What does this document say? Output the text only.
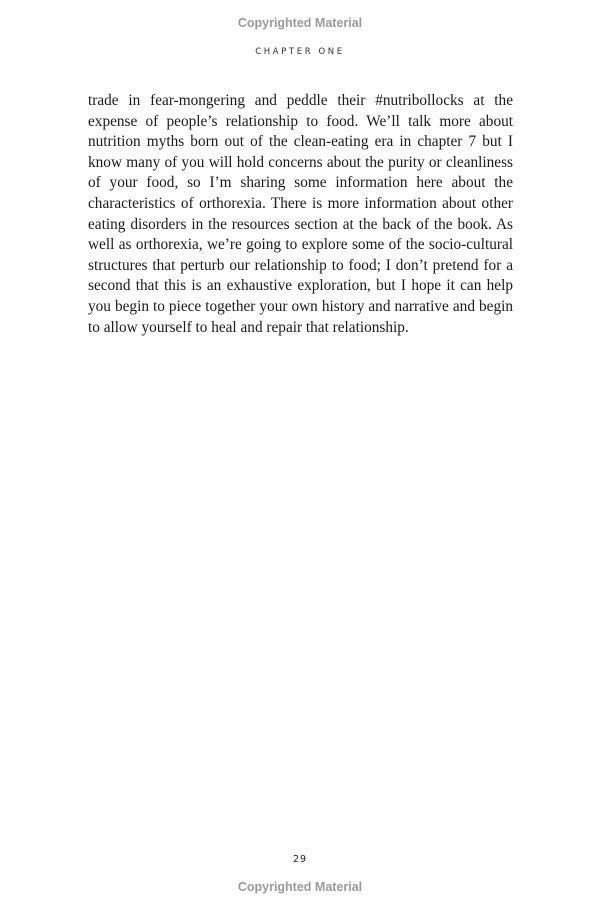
Copyrighted Material
CHAPTER ONE

trade in fear-mongering and peddle their #nutribollocks at the expense of people’s relationship to food. We’ll talk more about nutrition myths born out of the clean-eating era in chapter 7 but I know many of you will hold concerns about the purity or cleanliness of your food, so I’m sharing some information here about the characteristics of orthorexia. There is more information about other eating disorders in the resources section at the back of the book. As well as orthorexia, we’re going to explore some of the socio-cultural structures that perturb our relationship to food; I don’t pretend for a second that this is an exhaustive exploration, but I hope it can help you begin to piece together your own history and narrative and begin to allow yourself to heal and repair that relationship.

29
Copyrighted Material
